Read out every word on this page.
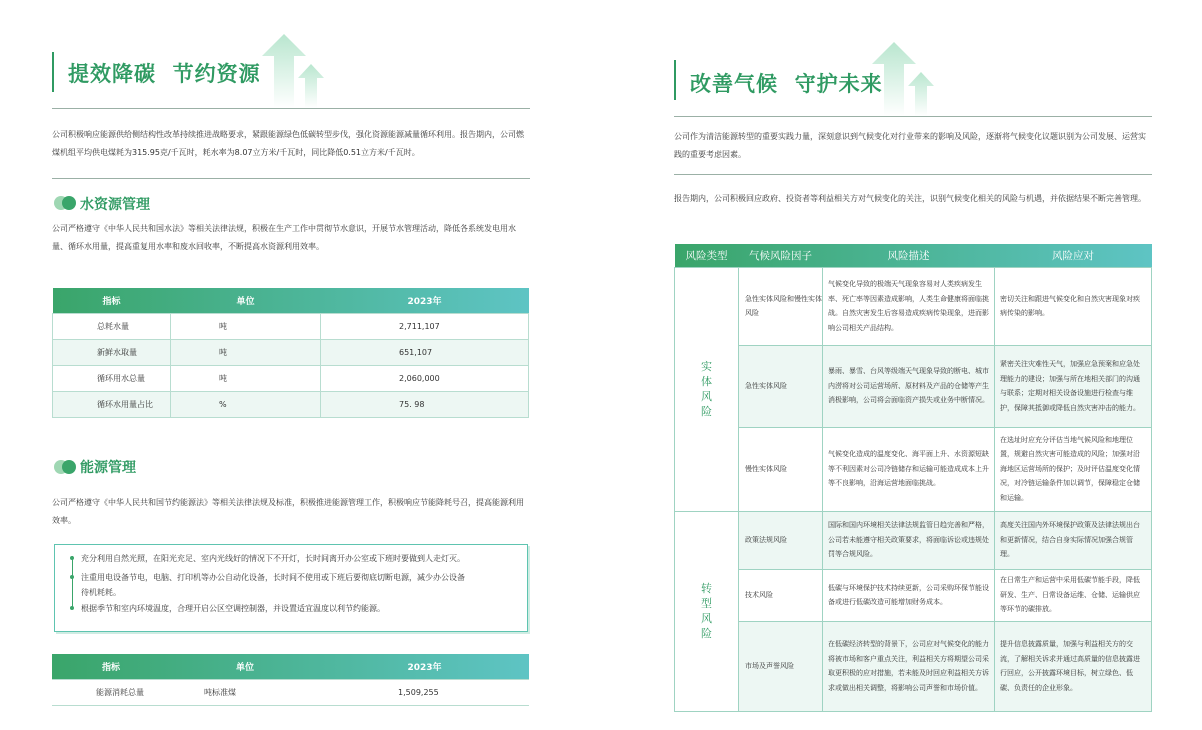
提效降碳  节约资源
公司积极响应能源供给侧结构性改革持续推进战略要求，紧跟能源绿色低碳转型步伐，强化资源能源减量循环利用。报告期内，公司燃煤机组平均供电煤耗为315.95克/千瓦时，耗水率为8.07立方米/千瓦时，同比降低0.51立方米/千瓦时。
水资源管理
公司严格遵守《中华人民共和国水法》等相关法律法规，积极在生产工作中贯彻节水意识，开展节水管理活动，降低各系统发电用水量、循环水用量，提高重复用水率和废水回收率，不断提高水资源利用效率。
指标	单位	2023年
总耗水量	吨	2,711,107
新鲜水取量	吨	651,107
循环用水总量	吨	2,060,000
循环水用量占比	%	75. 98
能源管理
公司严格遵守《中华人民共和国节约能源法》等相关法律法规及标准，积极推进能源管理工作，积极响应节能降耗号召，提高能源利用效率。
充分利用自然光照，在阳光充足、室内光线好的情况下不开灯，长时间离开办公室或下班时要做到人走灯灭。
注重用电设备节电，电脑、打印机等办公自动化设备，长时间不使用或下班后要彻底切断电源，减少办公设备
待机耗耗。
根据季节和室内环境温度，合理开启公区空调控制器，并设置适宜温度以利节约能源。
指标	单位	2023年
能源消耗总量	吨标准煤	1,509,255
改善气候  守护未来
公司作为清洁能源转型的重要实践力量，深刻意识到气候变化对行业带来的影响及风险，逐渐将气候变化议题识别为公司发展、运营实践的重要考虑因素。
报告期内，公司积极回应政府、投资者等利益相关方对气候变化的关注，识别气候变化相关的风险与机遇，并依据结果不断完善管理。
风险类型	气候风险因子	风险描述	风险应对

实体风险	急性实体风险和慢性实体风险	气候变化导致的极端天气现象容易对人类疾病发生率、死亡率等因素造成影响，人类生命健康将面临挑战。自然灾害发生后容易造成疾病传染现象，进而影响公司相关产品结构。	密切关注和跟进气候变化和自然灾害现象对疾病传染的影响。
	急性实体风险	暴雨、暴雪、台风等级端天气现象导致的断电、城市内涝将对公司运营场所、原材料及产品的仓储等产生消极影响，公司将会面临资产损失或业务中断情况。	紧密关注灾难性天气，加强应急预案和应急处理能力的建设；加强与所在地相关部门的沟通与联系；定期对相关设备设施进行检查与维护，保障其抵御或降低自然灾害冲击的能力。
	慢性实体风险	气候变化造成的温度变化、海平面上升、水资源短缺等不利因素对公司冷链储存和运输可能造成成本上升等不良影响，沿海运营地面临挑战。	在选址时应充分评估当地气候风险和地理位置，规避自然灾害可能造成的风险；加强对沿海地区运营场所的保护；及时评估温度变化情况，对冷链运输条件加以调节，保障稳定仓储和运输。

转型风险	政策法规风险	国际和国内环境相关法律法规监管日趋完善和严格，公司若未能遵守相关政策要求，将面临诉讼或违规处罚等合规风险。	高度关注国内外环境保护政策及法律法规出台和更新情况，结合自身实际情况加强合规管理。
	技术风险	低碳与环境保护技术持续更新，公司采购环保节能设备或进行低碳改造可能增加财务成本。	在日常生产和运营中采用低碳节能手段，降低研发、生产、日常设备运维、仓储、运输供应等环节的碳排放。
	市场及声誉风险	在低碳经济转型的背景下，公司应对气候变化的能力将被市场和客户重点关注，利益相关方将期望公司采取更积极的应对措施，若未能及时回应利益相关方诉求或做出相关调整，将影响公司声誉和市场价值。	提升信息披露质量，加强与利益相关方的交流，了解相关诉求并通过高质量的信息披露进行回应，公开披露环境目标，树立绿色、低碳、负责任的企业形象。
